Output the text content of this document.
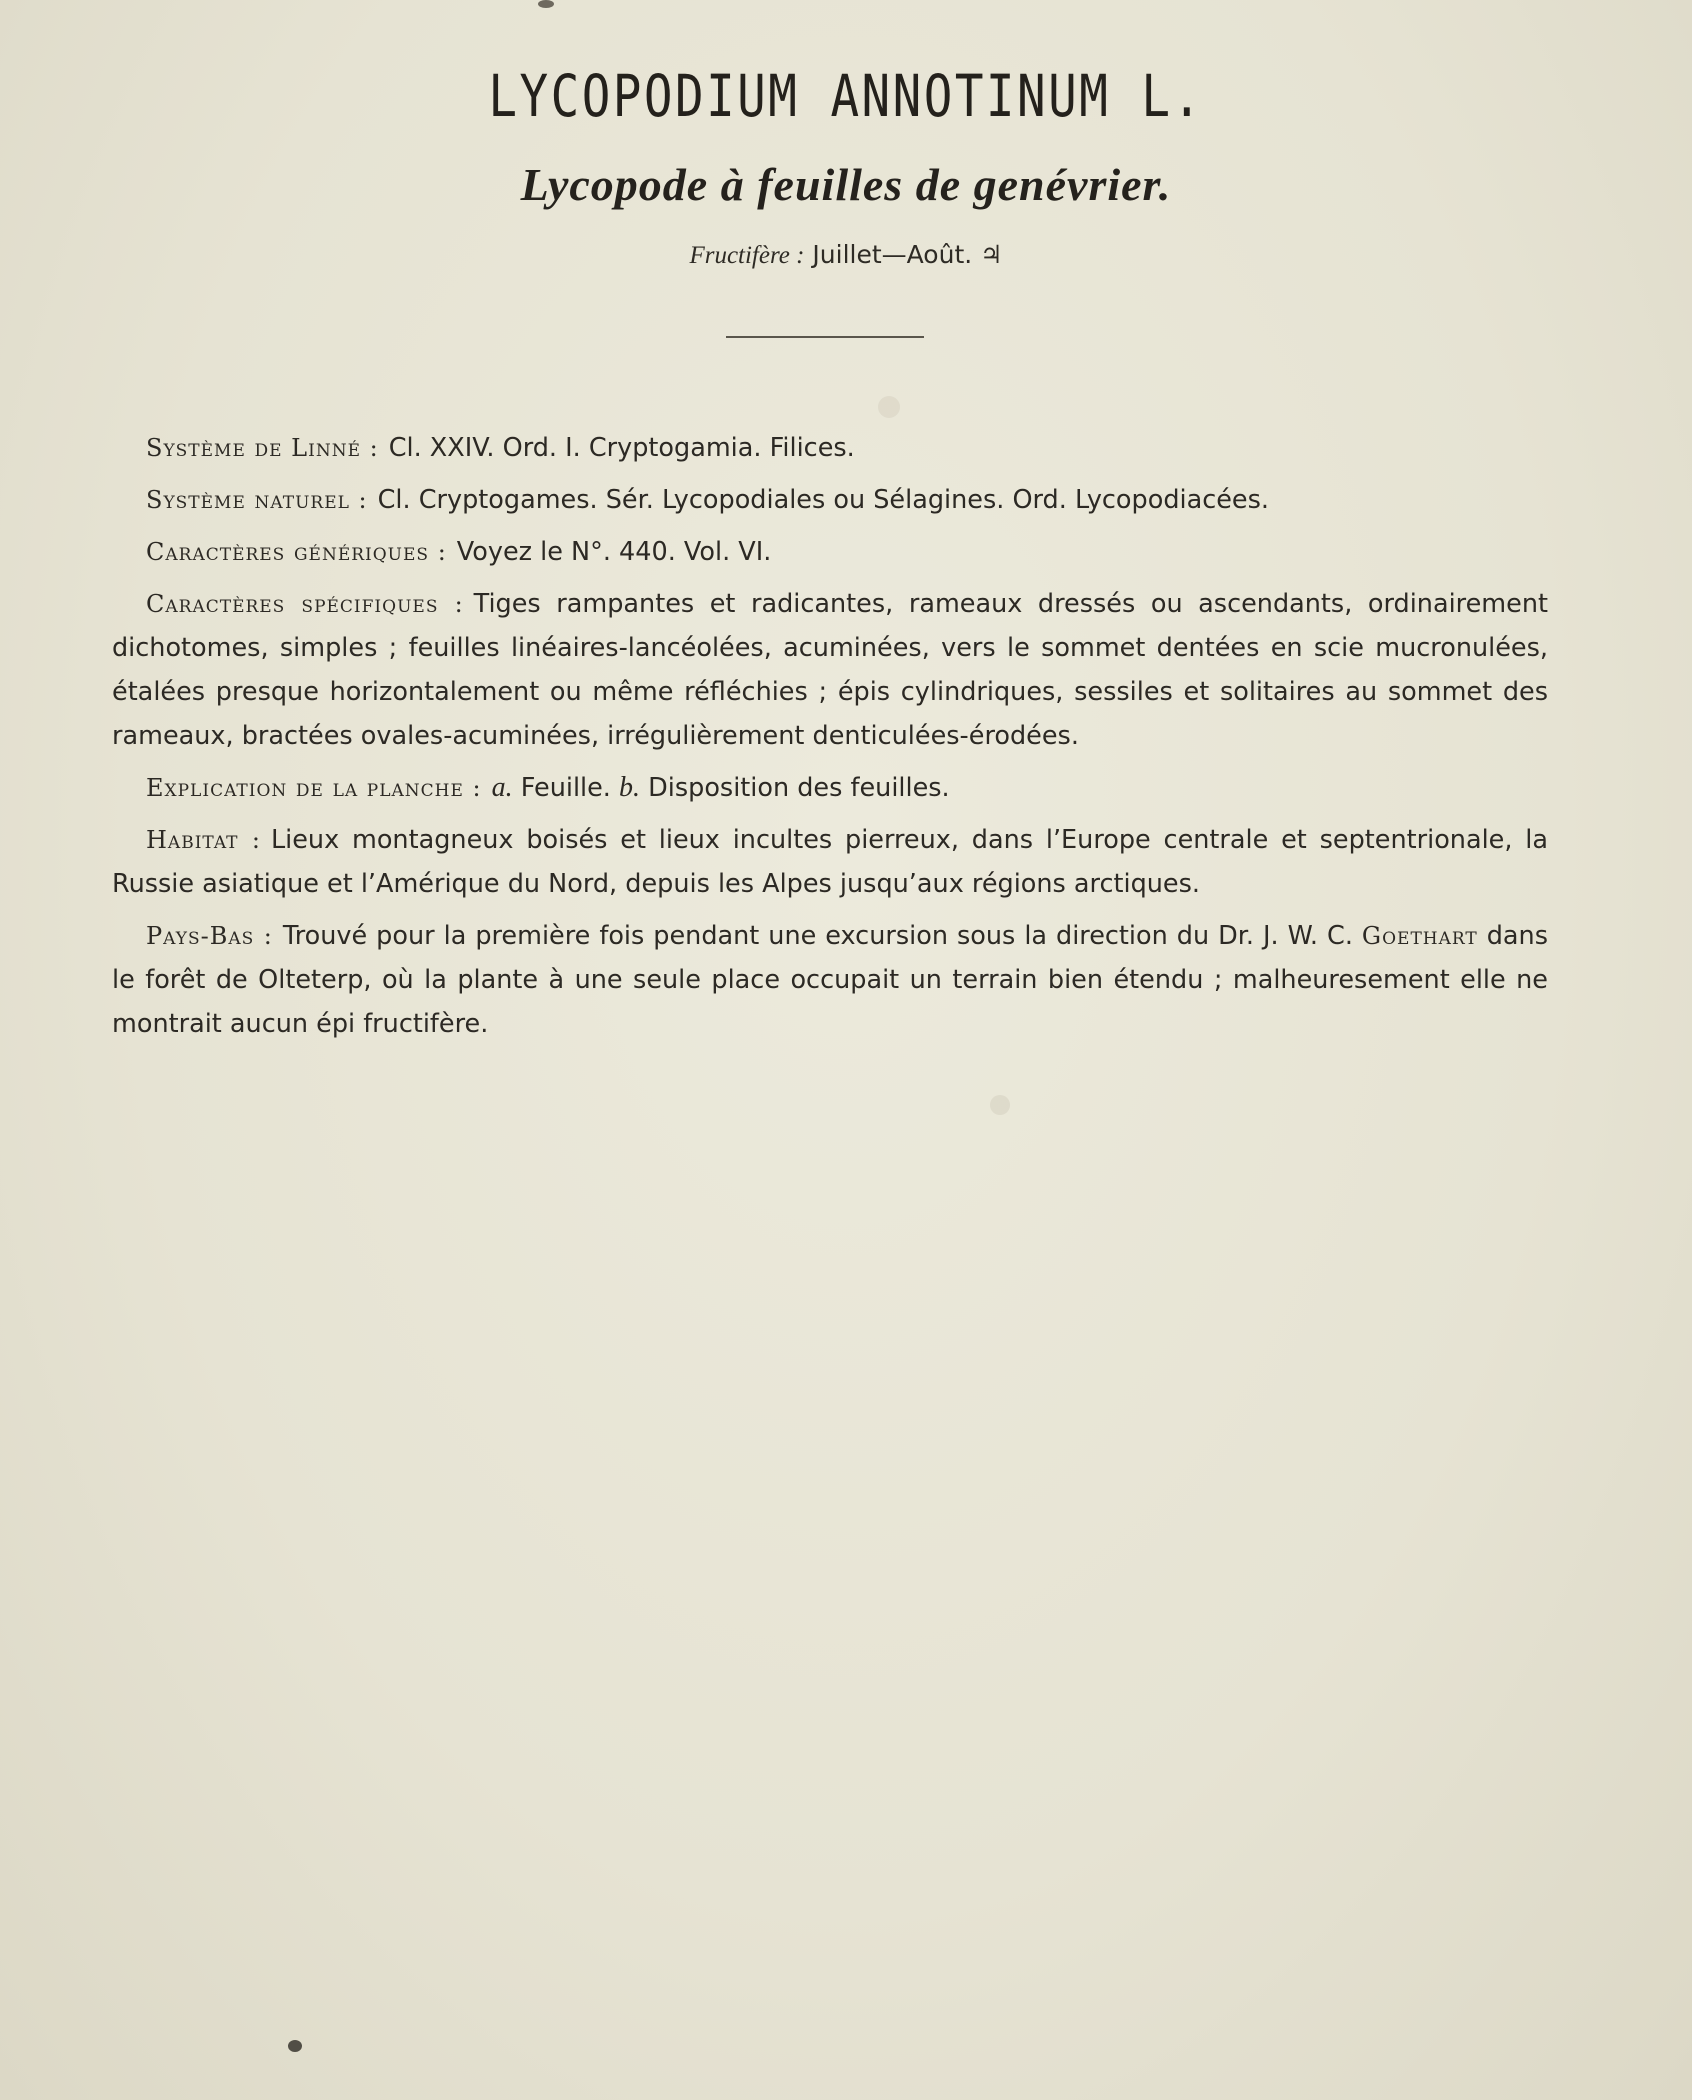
LYCOPODIUM ANNOTINUM L.
Lycopode à feuilles de genévrier.
Fructifère : Juillet—Août. ♃

Système de Linné : Cl. XXIV. Ord. I. Cryptogamia. Filices.

Système naturel : Cl. Cryptogames. Sér. Lycopodiales ou Sélagines. Ord. Lycopodiacées.

Caractères génériques : Voyez le N°. 440. Vol. VI.

Caractères spécifiques : Tiges rampantes et radicantes, rameaux dressés ou ascendants, ordinairement dichotomes, simples ; feuilles linéaires-lancéolées, acuminées, vers le sommet dentées en scie mucronulées, étalées presque horizontalement ou même réfléchies ; épis cylindriques, sessiles et solitaires au sommet des rameaux, bractées ovales-acuminées, irrégulièrement denticulées-érodées.

Explication de la planche : a. Feuille. b. Disposition des feuilles.

Habitat : Lieux montagneux boisés et lieux incultes pierreux, dans l’Europe centrale et septentrionale, la Russie asiatique et l’Amérique du Nord, depuis les Alpes jusqu’aux régions arctiques.

Pays-Bas : Trouvé pour la première fois pendant une excursion sous la direction du Dr. J. W. C. Goethart dans le forêt de Olteterp, où la plante à une seule place occupait un terrain bien étendu ; malheuresement elle ne montrait aucun épi fructifère.
